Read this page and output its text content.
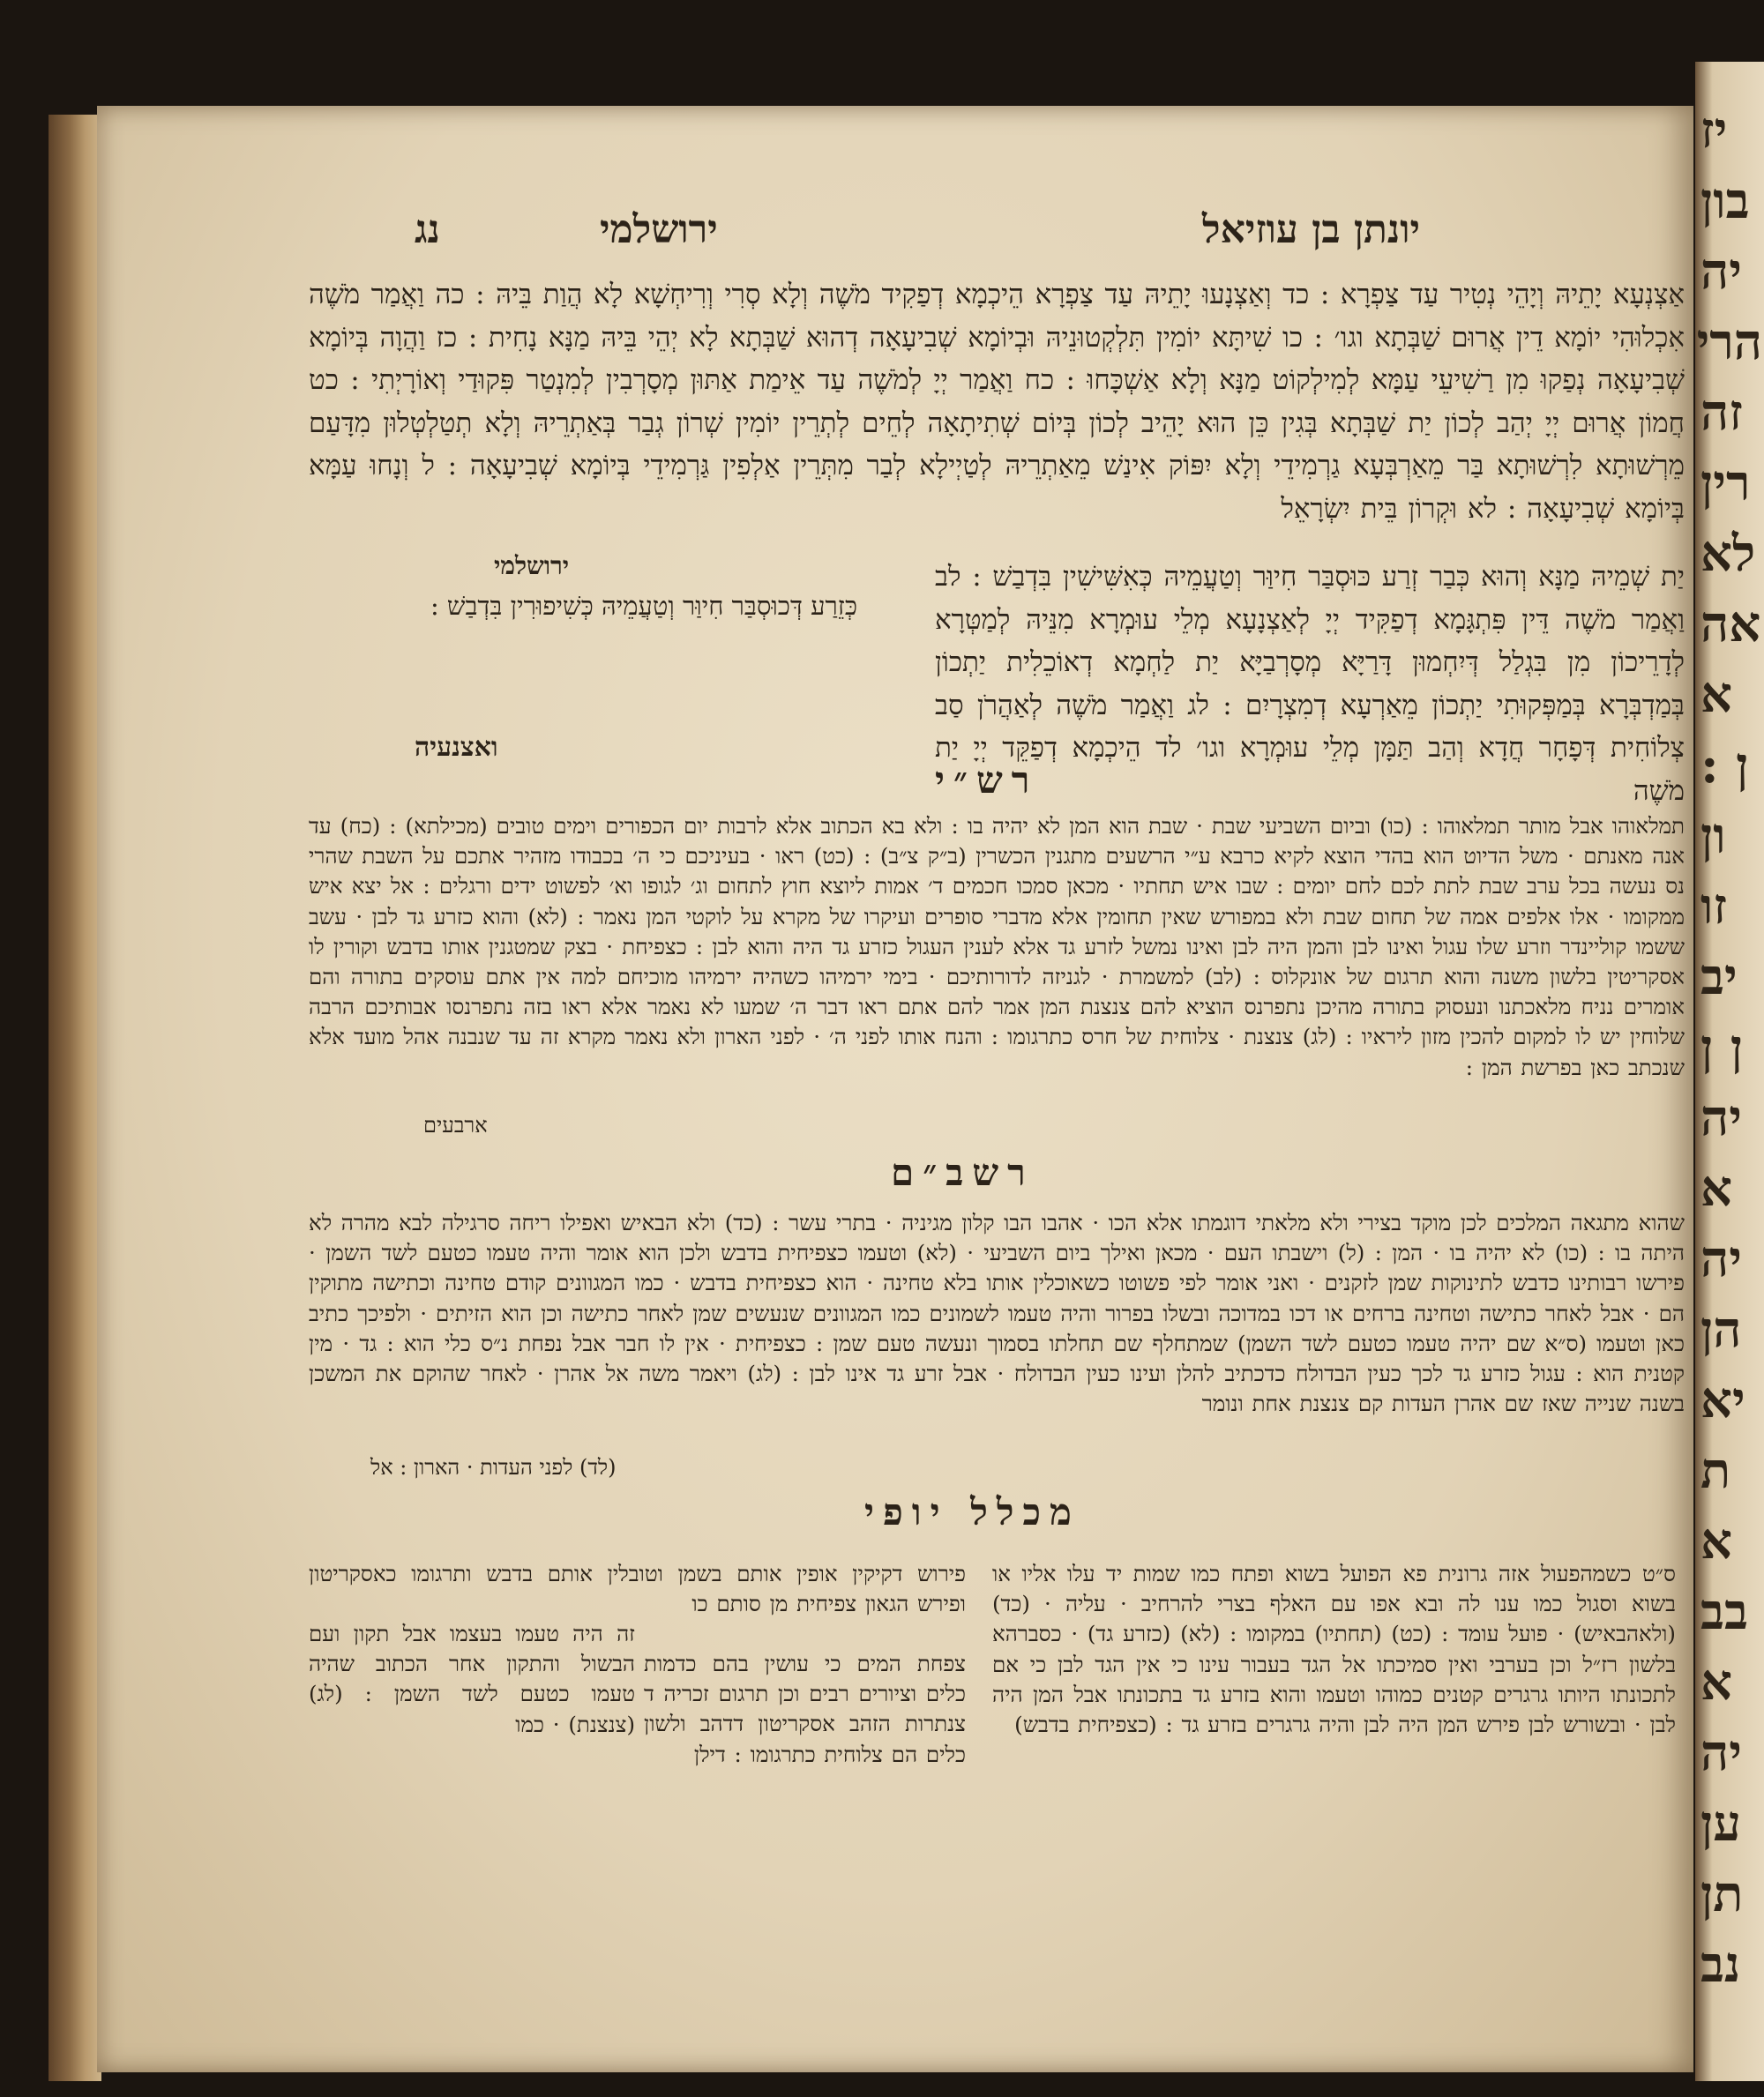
יז
בון
יה
הרי
זה
רין
לא
אה
א
ן :
ון
זו
יב
ן ן
יה
א
יה
הן
יא
ת
א
בב
א
יה
ען
תן
נב
נג	ירושלמי	יונתן בן עוזיאל
אַצְנְעָא יָתֵיהּ וְיָהֵי נְטִיר עַד צַפְרָא : כד וְאַצְנָעוּ יָתֵיהּ עַד צַפְרָא הֵיכְמָא דְפַקִיד מֹשֶׁה וְלָא סְרִי וְרִיחְשָׁא לָא הֲוַת בֵּיהּ : כה וַאֲמַר מֹשֶׁה אִכְלוּהִי יוֹמָא דֵין אֲרוּם שַׁבְּתָא וגו׳ : כו שִׁיתָּא יוֹמִין תִּלְקְטוּנֵיהּ וּבְיוֹמָא שְׁבִיעָאָה דְהוּא שַׁבְּתָא לָא יְהֵי בֵּיהּ מַנָּא נָחִית : כז וַהֲוָה בְּיוֹמָא שְׁבִיעָאָה נְפַקוּ מִן רַשִׁיעֵי עַמָּא לְמִילְקוֹט מַנָּא וְלָא אַשְׁכָּחוּ : כח וַאֲמַר יְיָ לְמֹשֶׁה עַד אֵימַת אַתּוּן מְסָרְבִין לְמִנְטַר פִּקוּדַי וְאוֹרָיְתִי : כט חֲמוֹן אֲרוּם יְיָ יְהַב לְכוֹן יַת שַׁבְּתָא בְּגִין כֵּן הוּא יָהֵיב לְכוֹן בְּיוֹם שְׁתִיתָאָה לְחֵים לְתְרֵין יוֹמִין שְׁרוֹן גְבַר בְּאַתְרֵיהּ וְלָא תְטַלְטְלוּן מִדָּעַם מֵרְשׁוּתָא לִרְשׁוּתָא בַּר מֵאַרְבְּעָא גַרְמִידֵי וְלָא יִפּוֹק אִינַשׁ מֵאַתְרֵיהּ לְטַיְילָא לְבַר מִתְּרֵין אַלְפִין גַּרְמִידֵי בְּיוֹמָא שְׁבִיעָאָה : ל וְנָחוּ עַמָּא בְּיוֹמָא שְׁבִיעָאָה : לא וּקְרוֹן בֵּית יִשְׂרָאֵל
ירושלמי
כְּזֵרַע דְּכוּסְבַּר חִיוַּר וְטַעֲמֵיהּ כְּשִׁיפוּרִין בִּדְבַשׁ :
יַת שְׁמֵיהּ מַנָּא וְהוּא כְּבַר זְרַע כּוּסְבַּר חִיוַּר וְטַעֲמֵיהּ כְּאִשִּׁישִׁין בִּדְבַשׁ : לב וַאֲמַר מֹשֶׁה דֵּין פִּתְגָּמָא דְפַקִּיד יְיָ לְאַצְנָעָא מְלֵי עוּמְרָא מִנֵּיהּ לְמַטְּרָא לְדָרֵיכוֹן מִן בִּגְלַל דְּיִחְמוּן דָּרַיָּא מְסָרְבַיָּא יַת לַחְמָא דְאוֹכֵלִית יַתְכוֹן בְּמַדְבְּרָא בְּמַפְּקוּתִי יַתְכוֹן מֵאַרְעָא דְמִצְרָיִם : לג וַאֲמַר מֹשֶׁה לְאַהֲרֹן סַב צְלוֹחִית דְּפָחָר חֲדָא וְהַב תַּמָּן מְלֵי עוּמְרָא וגו׳ לד הֵיכְמָא דְפַקֵּד יְיָ יַת מֹשֶׁה
ואצנעיה
רש״י
תמלאוהו אבל מותר תמלאוהו : (כו) וביום השביעי שבת · שבת הוא המן לא יהיה בו : ולא בא הכתוב אלא לרבות יום הכפורים וימים טובים (מכילתא) : (כח) עד אנה מאנתם · משל הדיוט הוא בהדי הוצא לקיא כרבא ע״י הרשעים מתגנין הכשרין (ב״ק צ״ב) : (כט) ראו · בעיניכם כי ה׳ בכבודו מזהיר אתכם על השבת שהרי נס נעשה בכל ערב שבת לתת לכם לחם יומים : שבו איש תחתיו · מכאן סמכו חכמים ד׳ אמות ליוצא חוץ לתחום וג׳ לגופו וא׳ לפשוט ידים ורגלים : אל יצא איש ממקומו · אלו אלפים אמה של תחום שבת ולא במפורש שאין תחומין אלא מדברי סופרים ועיקרו של מקרא על לוקטי המן נאמר : (לא) והוא כזרע גד לבן · עשב ששמו קוליינדר וזרע שלו עגול ואינו לבן והמן היה לבן ואינו נמשל לזרע גד אלא לענין העגול כזרע גד היה והוא לבן : כצפיחת · בצק שמטגנין אותו בדבש וקורין לו אסקריטין בלשון משנה והוא תרגום של אונקלוס : (לב) למשמרת · לגניזה לדורותיכם · בימי ירמיהו כשהיה ירמיהו מוכיחם למה אין אתם עוסקים בתורה והם אומרים נניח מלאכתנו ונעסוק בתורה מהיכן נתפרנס הוציא להם צנצנת המן אמר להם אתם ראו דבר ה׳ שמעו לא נאמר אלא ראו בזה נתפרנסו אבותיכם הרבה שלוחין יש לו למקום להכין מזון ליראיו : (לג) צנצנת · צלוחית של חרס כתרגומו : והנח אותו לפני ה׳ · לפני הארון ולא נאמר מקרא זה עד שנבנה אהל מועד אלא שנכתב כאן בפרשת המן :
ארבעים
רשב״ם
שהוא מתגאה המלכים לכן מוקד בצירי ולא מלאתי דוגמתו אלא הכו · אהבו הבו קלון מגיניה · בתרי עשר : (כד) ולא הבאיש ואפילו ריחה סרגילה לבא מהרה לא היתה בו : (כו) לא יהיה בו · המן : (ל) וישבתו העם · מכאן ואילך ביום השביעי · (לא) וטעמו כצפיחית בדבש ולכן הוא אומר והיה טעמו כטעם לשד השמן · פירשו רבותינו כדבש לתינוקות שמן לזקנים · ואני אומר לפי פשוטו כשאוכלין אותו בלא טחינה · הוא כצפיחית בדבש · כמו המגוונים קודם טחינה וכתישה מתוקין הם · אבל לאחר כתישה וטחינה ברחים או דכו במדוכה ובשלו בפרור והיה טעמו לשמונים כמו המגוונים שנעשים שמן לאחר כתישה וכן הוא הזיתים · ולפיכך כתיב כאן וטעמו (ס״א שם יהיה טעמו כטעם לשד השמן) שמתחלף שם תחלתו בסמוך ונעשה טעם שמן : כצפיחית · אין לו חבר אבל נפחת נ״ס כלי הוא : גד · מין קטנית הוא : עגול כזרע גד לכך כעין הבדולח כדכתיב להלן ועינו כעין הבדולח · אבל זרע גד אינו לבן : (לג) ויאמר משה אל אהרן · לאחר שהוקם את המשכן בשנה שנייה שאז שם אהרן העדות קם צנצנת אחת ונומר
(לד) לפני העדות · הארון : אל
מכלל יופי
ס״ט כשמהפעול אזה גרונית פא הפועל בשוא ופתח כמו שמות יד עלו אליו או בשוא וסגול כמו ענו לה ובא אפו עם האלף בצרי להרחיב · עליה · (כד) (ולאהבאיש) · פועל עומד : (כט) (תחתיו) במקומו : (לא) (כזרע גד) · כסברהא בלשון רז״ל וכן בערבי ואין סמיכתו אל הגד בעבור עינו כי אין הגד לבן כי אם לתכונתו היותו גרגרים קטנים כמוהו וטעמו והוא בזרע גד בתכונתו אבל המן היה לבן · ובשורש לבן פירש המן היה לבן והיה גרגרים בזרע גד : (כצפיחית בדבש)
פירוש דקיקין אופין אותם בשמן וטובלין אותם בדבש ותרגומו כאסקריטון ופירש הגאון צפיחית מן סותם כו
זה היה טעמו בעצמו אבל תקון ועם הבשול והתקון אחר הכתוב שהיה טעמו כטעם לשד השמן : (לג) (צנצנת) · כמו
צפחת המים כי עושין בהם כדמות כלים וציורים רבים וכן תרגום זכריה ד צנתרות הזהב אסקריטון דדהב ולשון כלים הם צלוחית כתרגומו : דילן
